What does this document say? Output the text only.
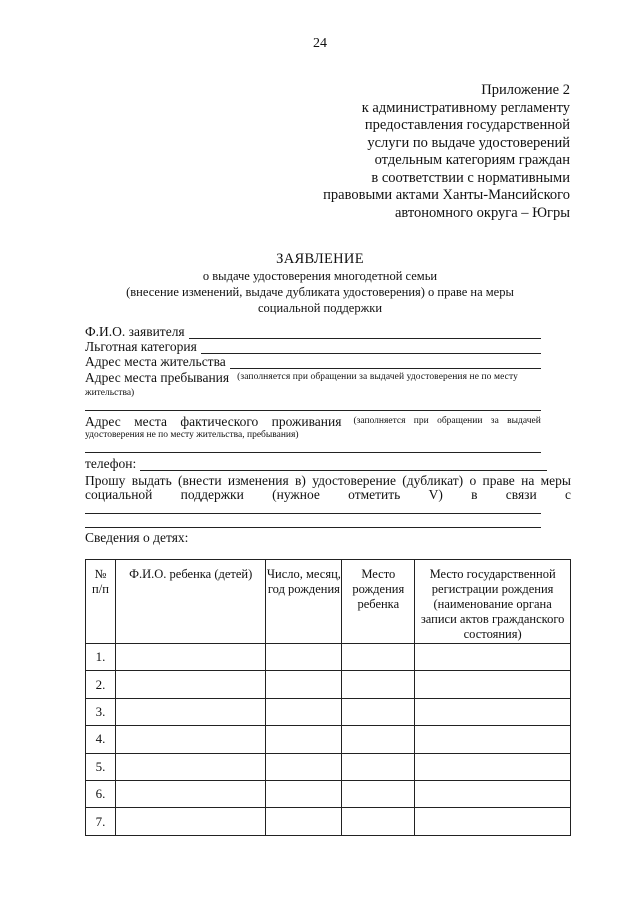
24
Приложение 2
к административному регламенту
предоставления государственной
услуги по выдаче удостоверений
отдельным категориям граждан
в соответствии с нормативными
правовыми актами Ханты-Мансийского
автономного округа – Югры
ЗАЯВЛЕНИЕ
о выдаче удостоверения многодетной семьи
(внесение изменений, выдаче дубликата удостоверения) о праве на меры
социальной поддержки
Ф.И.О. заявителя
Льготная категория
Адрес места жительства
Адрес места пребывания (заполняется при обращении за выдачей удостоверения не по месту
жительства)
Адрес места фактического проживания (заполняется при обращении за выдачей
удостоверения не по месту жительства, пребывания)
телефон:
Прошу выдать (внести изменения в) удостоверение (дубликат) о праве на меры
социальной поддержки (нужное отметить V) в связи с
Сведения о детях:
№ п/п	Ф.И.О. ребенка (детей)	Число, месяц, год рождения	Место рождения ребенка	Место государственной регистрации рождения (наименование органа записи актов гражданского состояния)
1.				
2.				
3.				
4.				
5.				
6.				
7.				
